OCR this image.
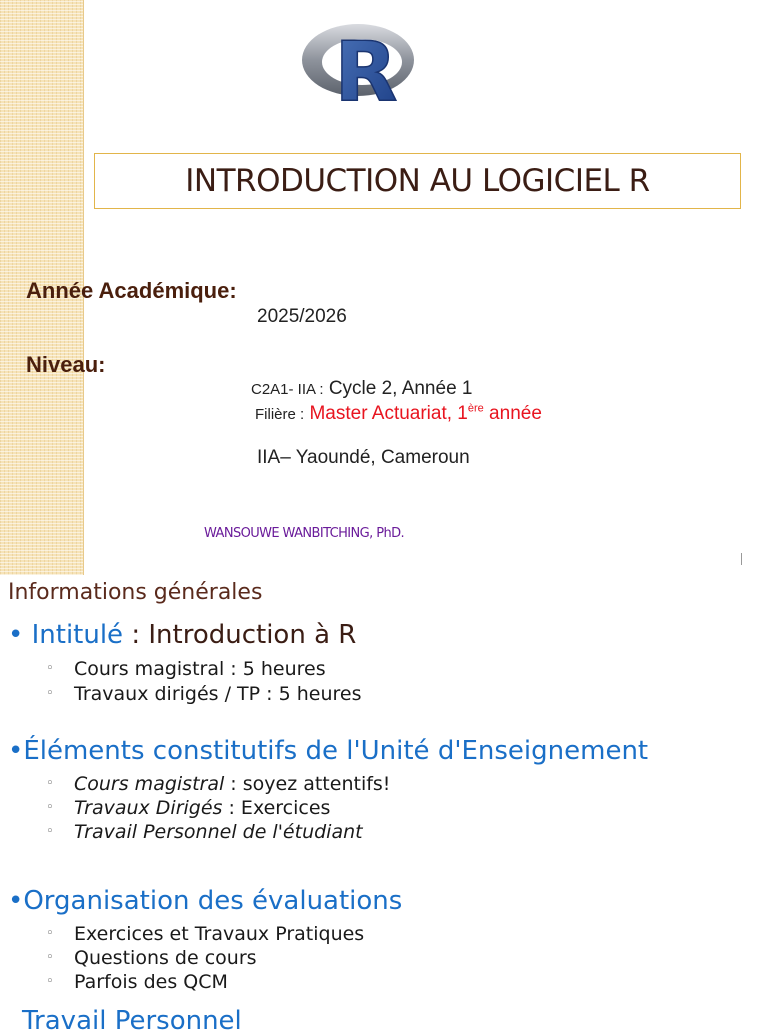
R
INTRODUCTION AU LOGICIEL R
Année Académique:
2025/2026
Niveau:
C2A1- IIA : Cycle 2, Année 1
Filière : Master Actuariat, 1ère année
IIA– Yaoundé, Cameroun
WANSOUWE WANBITCHING, PhD.
Informations générales
• Intitulé : Introduction à R
◦ Cours magistral : 5 heures
◦ Travaux dirigés / TP : 5 heures
•Éléments constitutifs de l'Unité d'Enseignement
◦ Cours magistral : soyez attentifs!
◦ Travaux Dirigés : Exercices
◦ Travail Personnel de l'étudiant
•Organisation des évaluations
◦ Exercices et Travaux Pratiques
◦ Questions de cours
◦ Parfois des QCM
Travail Personnel
